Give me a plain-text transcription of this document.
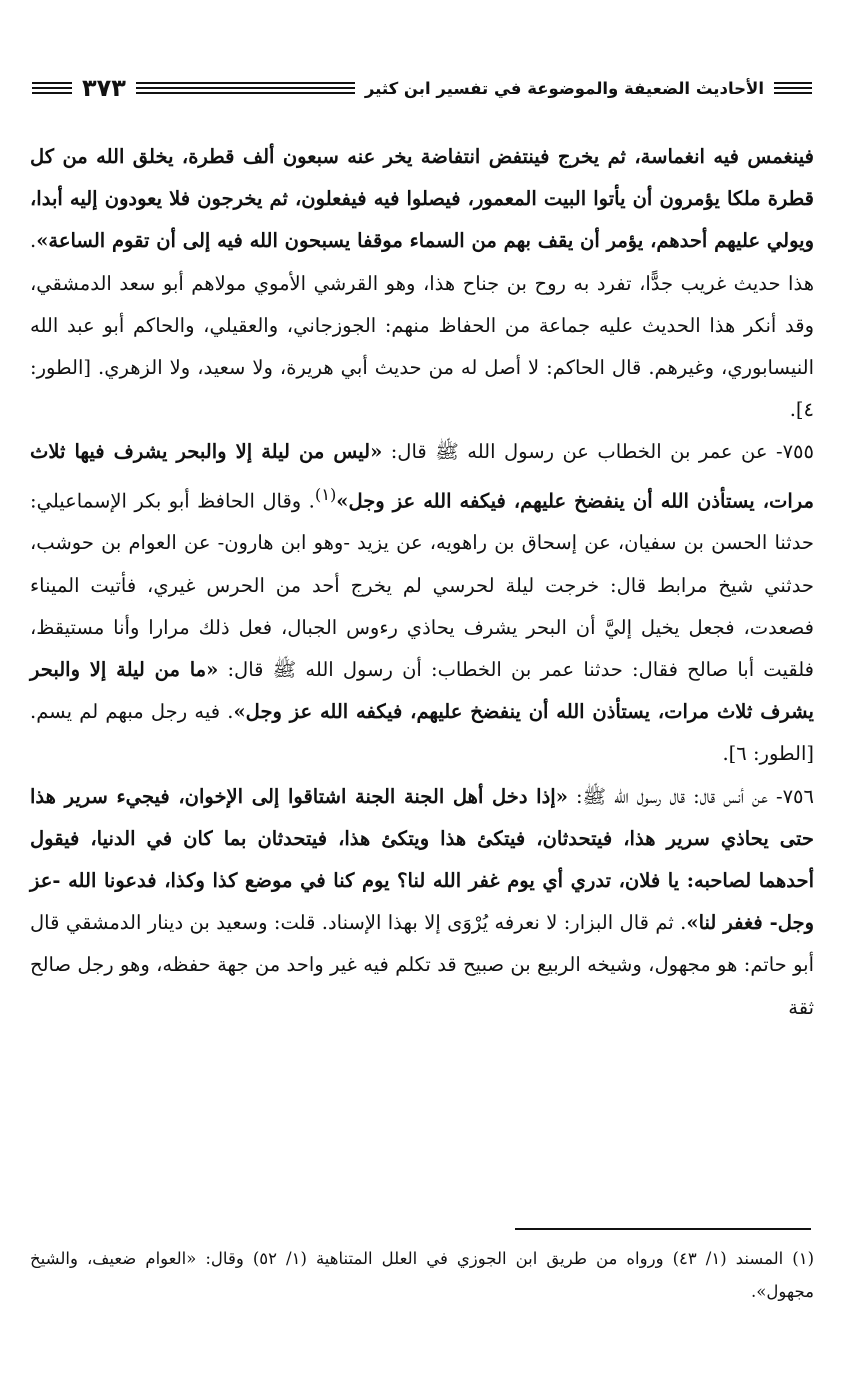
الأحاديث الضعيفة والموضوعة في تفسير ابن كثير
٣٧٣

فينغمس فيه انغماسة، ثم يخرج فينتفض انتفاضة يخر عنه سبعون ألف قطرة، يخلق الله من كل قطرة ملكا يؤمرون أن يأتوا البيت المعمور، فيصلوا فيه فيفعلون، ثم يخرجون فلا يعودون إليه أبدا، ويولي عليهم أحدهم، يؤمر أن يقف بهم من السماء موقفا يسبحون الله فيه إلى أن تقوم الساعة». هذا حديث غريب جدًّا، تفرد به روح بن جناح هذا، وهو القرشي الأموي مولاهم أبو سعد الدمشقي، وقد أنكر هذا الحديث عليه جماعة من الحفاظ منهم: الجوزجاني، والعقيلي، والحاكم أبو عبد الله النيسابوري، وغيرهم. قال الحاكم: لا أصل له من حديث أبي هريرة، ولا سعيد، ولا الزهري. [الطور: ٤].

٧٥٥- عن عمر بن الخطاب عن رسول الله ﷺ قال: «ليس من ليلة إلا والبحر يشرف فيها ثلاث مرات، يستأذن الله أن ينفضخ عليهم، فيكفه الله عز وجل»$^{(١)}$. وقال الحافظ أبو بكر الإسماعيلي: حدثنا الحسن بن سفيان، عن إسحاق بن راهويه، عن يزيد -وهو ابن هارون- عن العوام بن حوشب، حدثني شيخ مرابط قال: خرجت ليلة لحرسي لم يخرج أحد من الحرس غيري، فأتيت الميناء فصعدت، فجعل يخيل إليَّ أن البحر يشرف يحاذي رءوس الجبال، فعل ذلك مرارا وأنا مستيقظ، فلقيت أبا صالح فقال: حدثنا عمر بن الخطاب: أن رسول الله ﷺ قال: «ما من ليلة إلا والبحر يشرف ثلاث مرات، يستأذن الله أن ينفضخ عليهم، فيكفه الله عز وجل». فيه رجل مبهم لم يسم. [الطور: ٦].

٧٥٦- عن أنس قال: قال رسول الله ﷺ: «إذا دخل أهل الجنة الجنة اشتاقوا إلى الإخوان، فيجيء سرير هذا حتى يحاذي سرير هذا، فيتحدثان، فيتكئ هذا ويتكئ هذا، فيتحدثان بما كان في الدنيا، فيقول أحدهما لصاحبه: يا فلان، تدري أي يوم غفر الله لنا؟ يوم كنا في موضع كذا وكذا، فدعونا الله -عز وجل- فغفر لنا». ثم قال البزار: لا نعرفه يُرْوَى إلا بهذا الإسناد. قلت: وسعيد بن دينار الدمشقي قال أبو حاتم: هو مجهول، وشيخه الربيع بن صبيح قد تكلم فيه غير واحد من جهة حفظه، وهو رجل صالح ثقة

(١) المسند (١/ ٤٣) ورواه من طريق ابن الجوزي في العلل المتناهية (١/ ٥٢) وقال: «العوام ضعيف، والشيخ مجهول».
